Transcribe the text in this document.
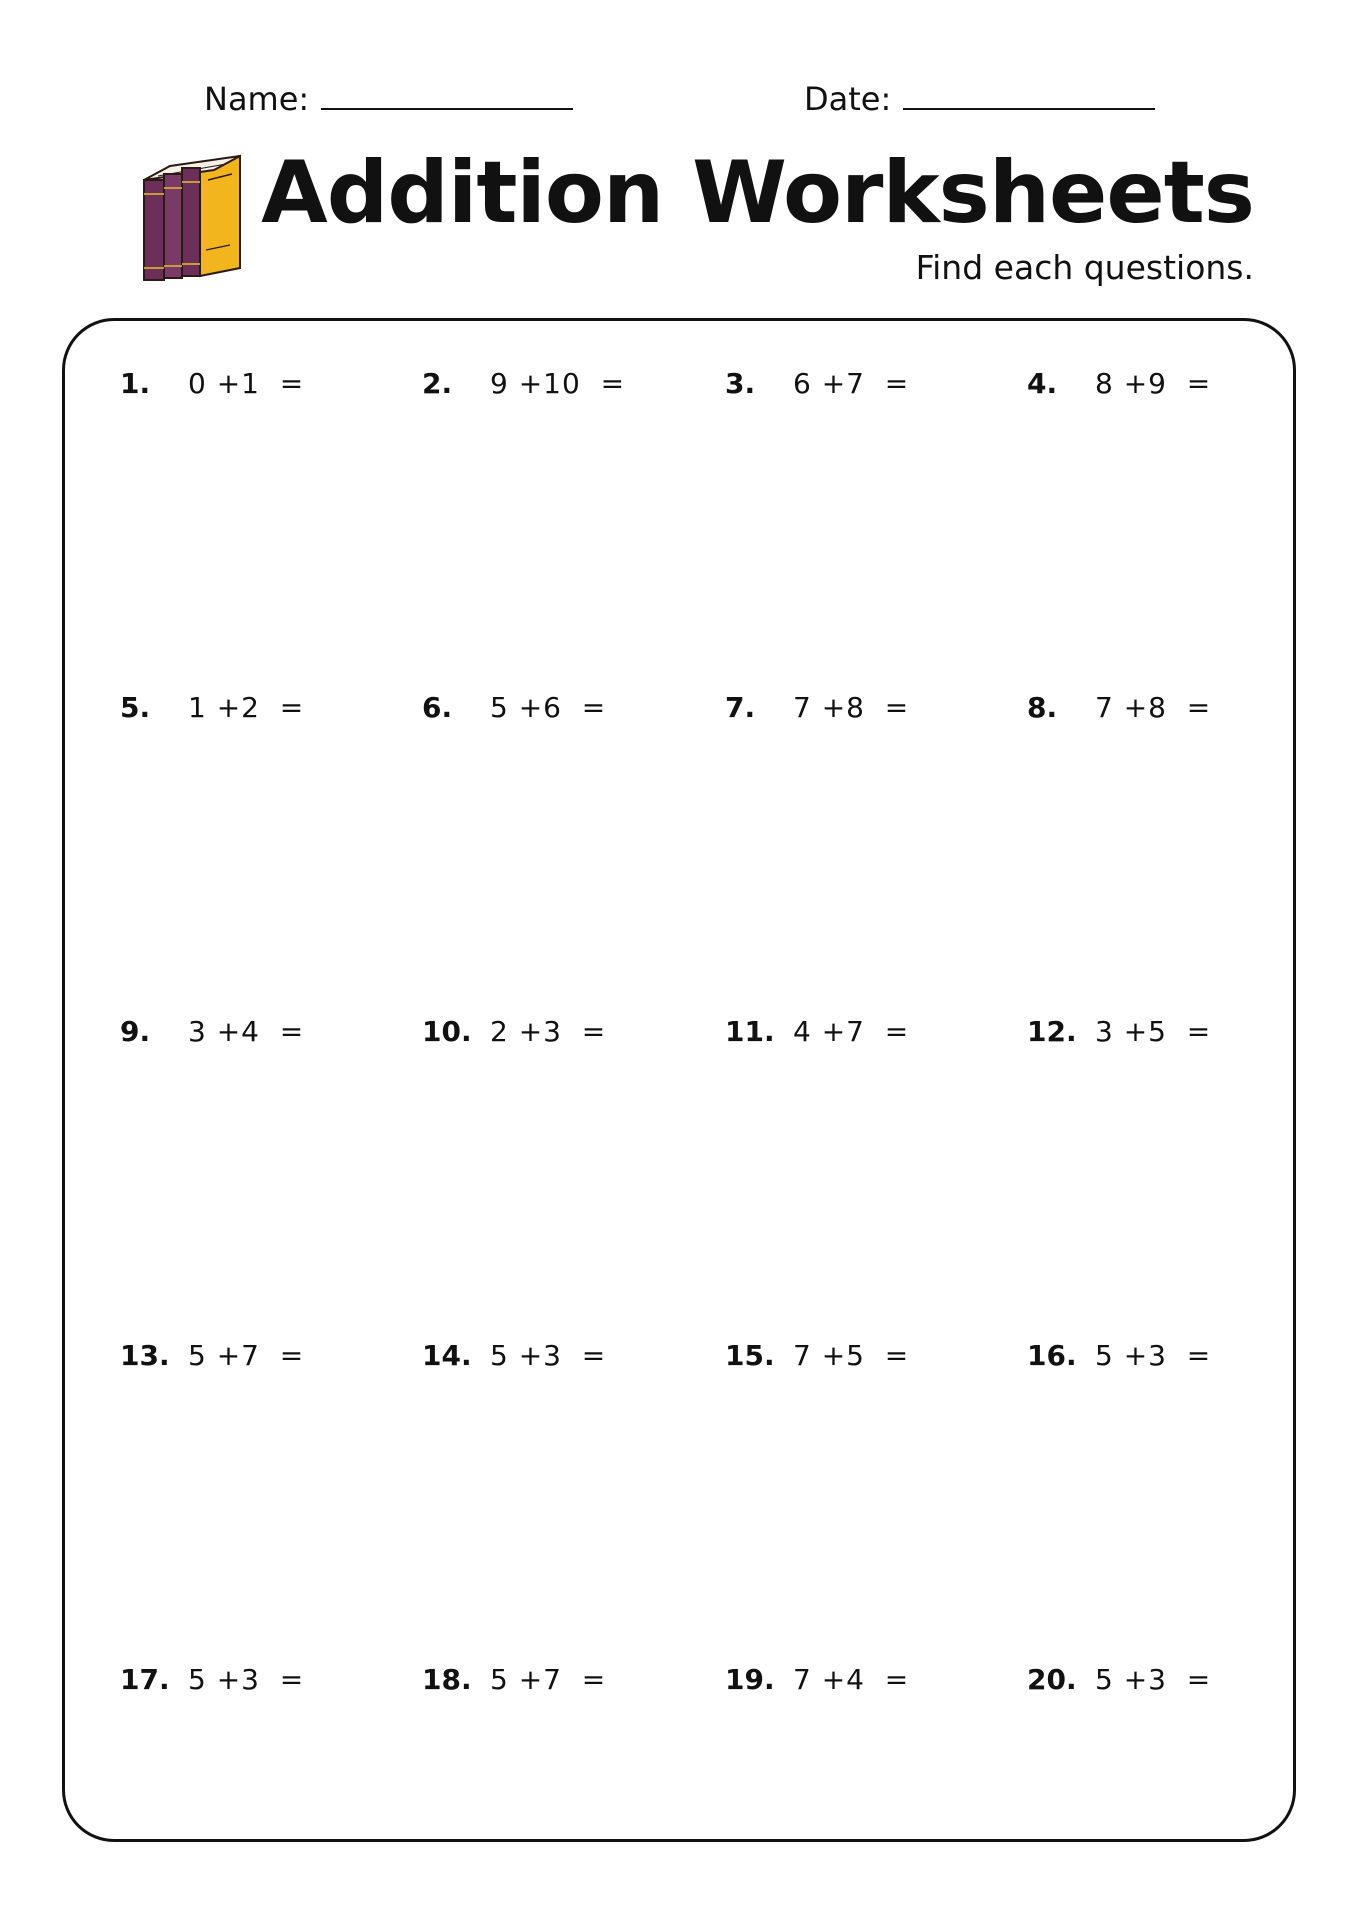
Name:	Date:
Addition Worksheets
Find each questions.
1.	0 +1  =	2.	9 +10  =	3.	6 +7  =	4.	8 +9  =
5.	1 +2  =	6.	5 +6  =	7.	7 +8  =	8.	7 +8  =
9.	3 +4  =	10. 2 +3  =	11. 4 +7  =	12. 3 +5  =
13. 5 +7  =	14. 5 +3  =	15. 7 +5  =	16. 5 +3  =
17. 5 +3  =	18. 5 +7  =	19. 7 +4  =	20. 5 +3  =
